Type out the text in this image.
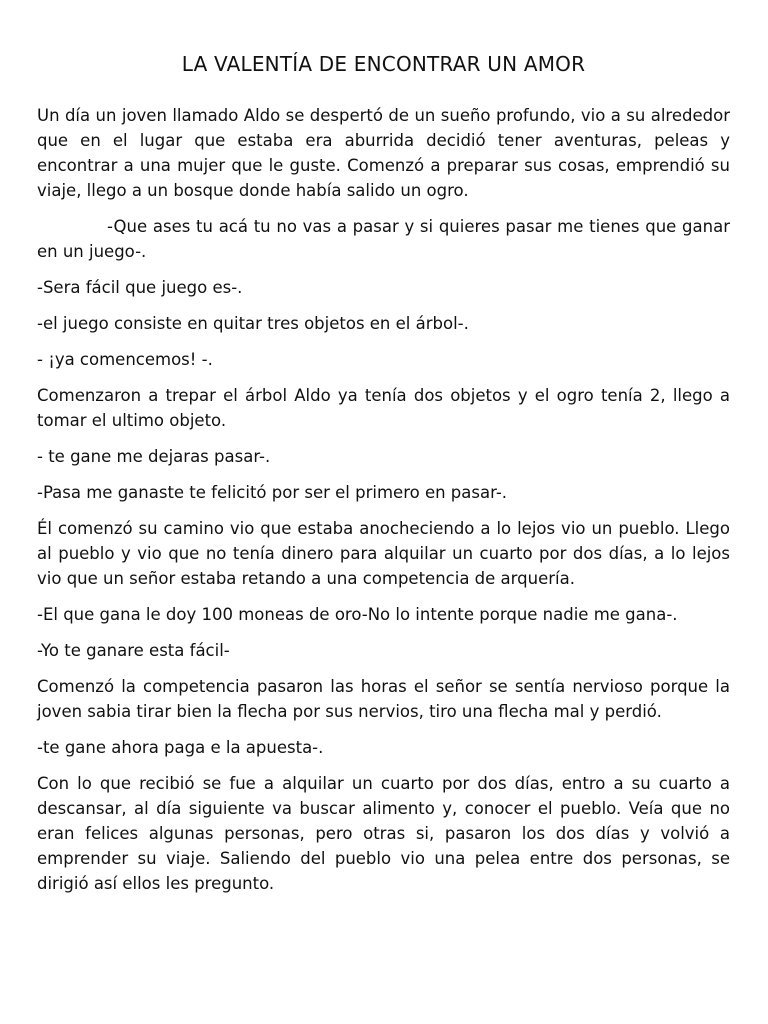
LA VALENTÍA DE ENCONTRAR UN AMOR

Un día un joven llamado Aldo se despertó de un sueño profundo, vio a su alrededor que en el lugar que estaba era aburrida decidió tener aventuras, peleas y encontrar a una mujer que le guste. Comenzó a preparar sus cosas, emprendió su viaje, llego a un bosque donde había salido un ogro.

-Que ases tu acá tu no vas a pasar y si quieres pasar me tienes que ganar en un juego-.

-Sera fácil que juego es-.

-el juego consiste en quitar tres objetos en el árbol-.

- ¡ya comencemos! -.

Comenzaron a trepar el árbol Aldo ya tenía dos objetos y el ogro tenía 2, llego a tomar el ultimo objeto.

- te gane me dejaras pasar-.

-Pasa me ganaste te felicitó por ser el primero en pasar-.

Él comenzó su camino vio que estaba anocheciendo a lo lejos vio un pueblo. Llego al pueblo y vio que no tenía dinero para alquilar un cuarto por dos días, a lo lejos vio que un señor estaba retando a una competencia de arquería.

-El que gana le doy 100 moneas de oro-No lo intente porque nadie me gana-.

-Yo te ganare esta fácil-

Comenzó la competencia pasaron las horas el señor se sentía nervioso porque la joven sabia tirar bien la flecha por sus nervios, tiro una flecha mal y perdió.

-te gane ahora paga e la apuesta-.

Con lo que recibió se fue a alquilar un cuarto por dos días, entro a su cuarto a descansar, al día siguiente va buscar alimento y, conocer el pueblo. Veía que no eran felices algunas personas, pero otras si, pasaron los dos días y volvió a emprender su viaje. Saliendo del pueblo vio una pelea entre dos personas, se dirigió así ellos les pregunto.
